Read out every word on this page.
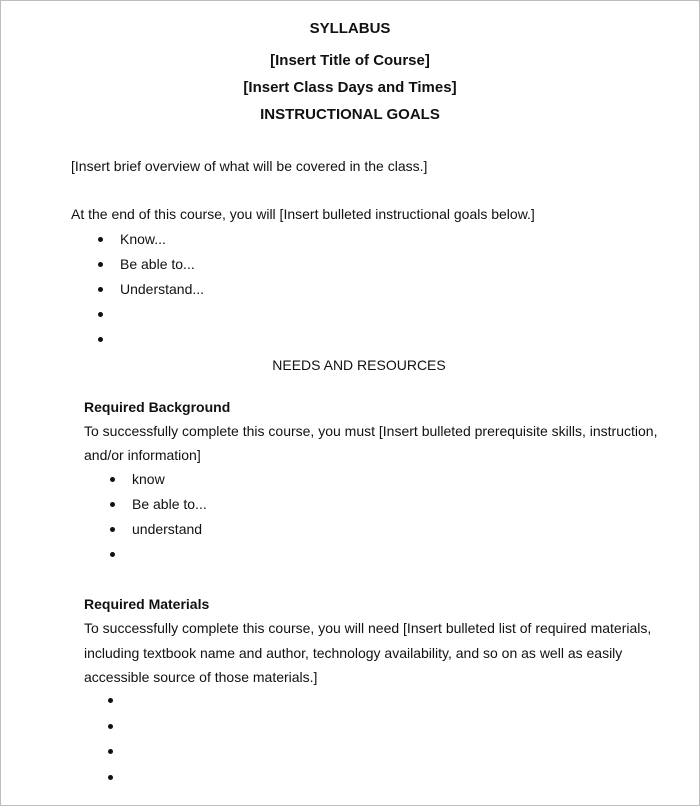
SYLLABUS
[Insert Title of Course]
[Insert Class Days and Times]
INSTRUCTIONAL GOALS
[Insert brief overview of what will be covered in the class.]
At the end of this course, you will [Insert bulleted instructional goals below.]
Know...
Be able to...
Understand...
NEEDS AND RESOURCES
Required Background
To successfully complete this course, you must [Insert bulleted prerequisite skills, instruction,
and/or information]
know
Be able to...
understand
Required Materials
To successfully complete this course, you will need [Insert bulleted list of required materials,
including textbook name and author, technology availability, and so on as well as easily
accessible source of those materials.]
